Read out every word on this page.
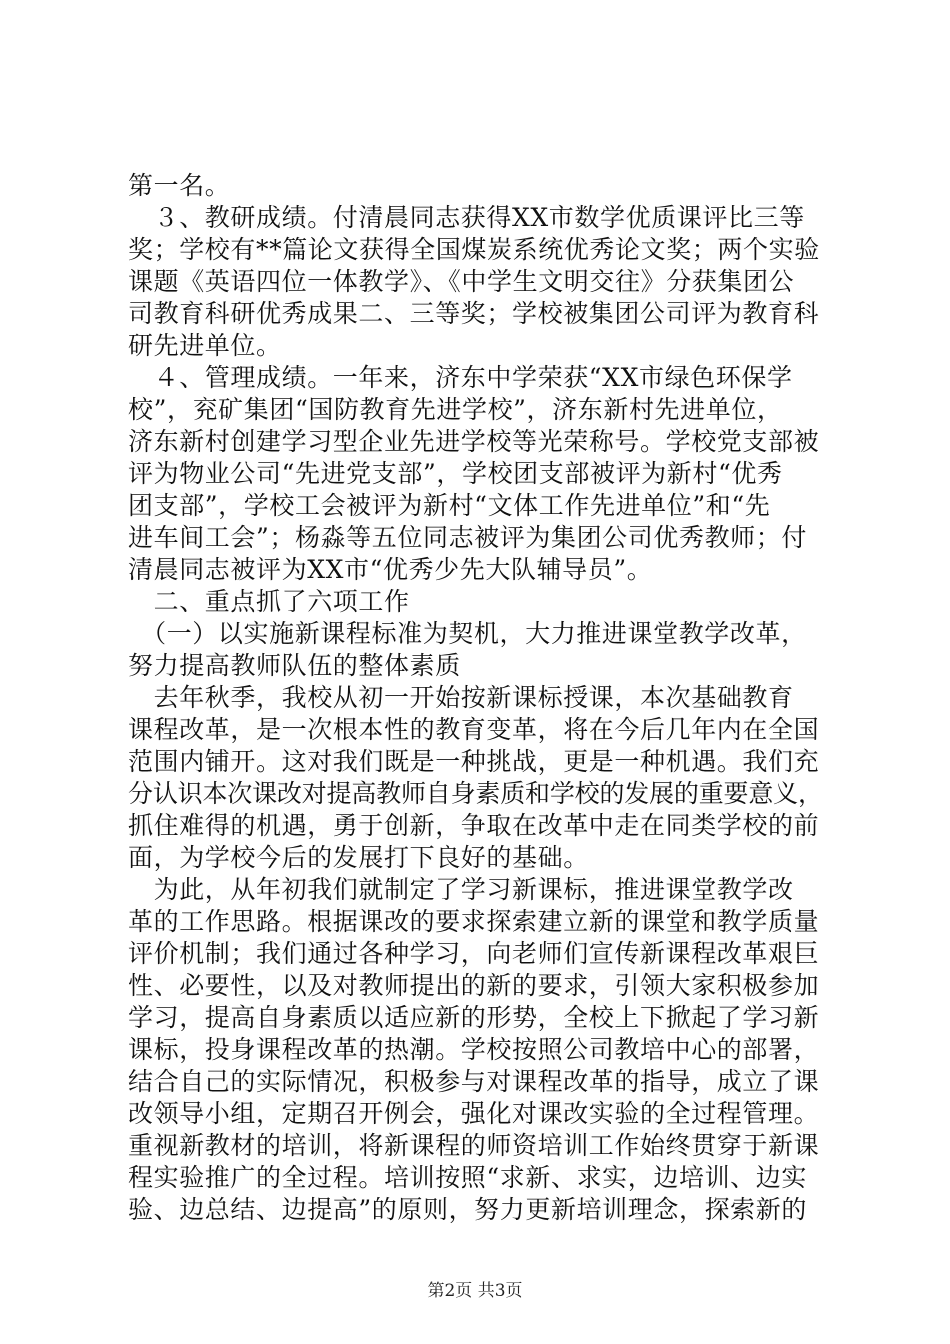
第一名。
　３、教研成绩。付清晨同志获得XX市数学优质课评比三等
奖；学校有**篇论文获得全国煤炭系统优秀论文奖；两个实验
课题《英语四位一体教学》、《中学生文明交往》分获集团公
司教育科研优秀成果二、三等奖；学校被集团公司评为教育科
研先进单位。
　４、管理成绩。一年来，济东中学荣获“XX市绿色环保学
校”，兖矿集团“国防教育先进学校”，济东新村先进单位，
济东新村创建学习型企业先进学校等光荣称号。学校党支部被
评为物业公司“先进党支部”，学校团支部被评为新村“优秀
团支部”，学校工会被评为新村“文体工作先进单位”和“先
进车间工会”；杨淼等五位同志被评为集团公司优秀教师；付
清晨同志被评为XX市“优秀少先大队辅导员”。
　二、重点抓了六项工作
　（一）以实施新课程标准为契机，大力推进课堂教学改革，
努力提高教师队伍的整体素质
　去年秋季，我校从初一开始按新课标授课，本次基础教育
课程改革，是一次根本性的教育变革，将在今后几年内在全国
范围内铺开。这对我们既是一种挑战，更是一种机遇。我们充
分认识本次课改对提高教师自身素质和学校的发展的重要意义，
抓住难得的机遇，勇于创新，争取在改革中走在同类学校的前
面，为学校今后的发展打下良好的基础。
　为此，从年初我们就制定了学习新课标，推进课堂教学改
革的工作思路。根据课改的要求探索建立新的课堂和教学质量
评价机制；我们通过各种学习，向老师们宣传新课程改革艰巨
性、必要性，以及对教师提出的新的要求，引领大家积极参加
学习，提高自身素质以适应新的形势，全校上下掀起了学习新
课标，投身课程改革的热潮。学校按照公司教培中心的部署，
结合自己的实际情况，积极参与对课程改革的指导，成立了课
改领导小组，定期召开例会，强化对课改实验的全过程管理。
重视新教材的培训，将新课程的师资培训工作始终贯穿于新课
程实验推广的全过程。培训按照“求新、求实，边培训、边实
验、边总结、边提高”的原则，努力更新培训理念，探索新的
第2页 共3页
